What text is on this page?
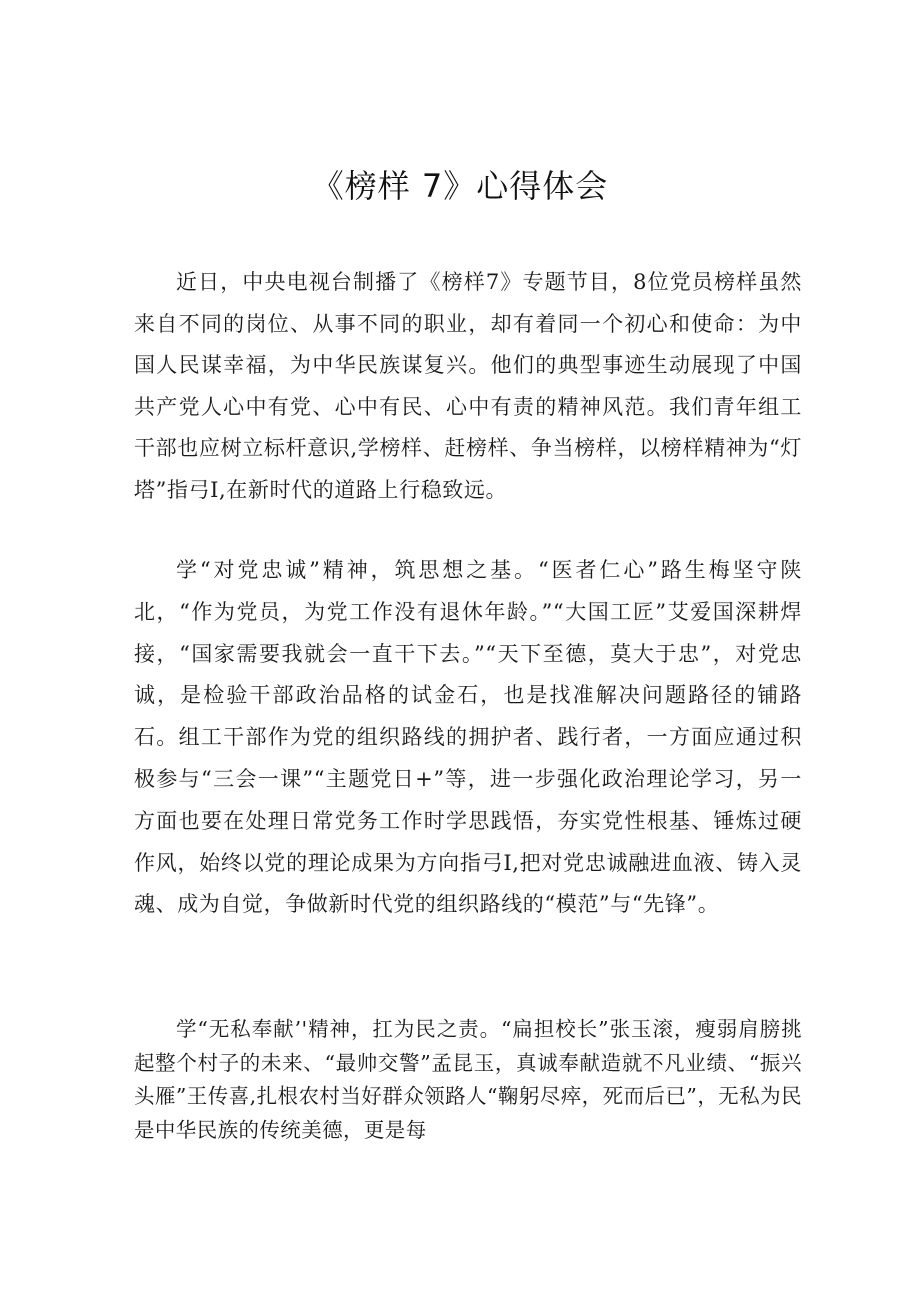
《榜样 7》心得体会

近日，中央电视台制播了《榜样7》专题节目，8位党员榜样虽然来自不同的岗位、从事不同的职业，却有着同一个初心和使命：为中国人民谋幸福，为中华民族谋复兴。他们的典型事迹生动展现了中国共产党人心中有党、心中有民、心中有责的精神风范。我们青年组工干部也应树立标杆意识,学榜样、赶榜样、争当榜样，以榜样精神为“灯塔”指弓I,在新时代的道路上行稳致远。

学“对党忠诚”精神，筑思想之基。“医者仁心”路生梅坚守陕北，“作为党员，为党工作没有退休年龄。”“大国工匠”艾爱国深耕焊接，“国家需要我就会一直干下去。”“天下至德，莫大于忠”，对党忠诚，是检验干部政治品格的试金石，也是找准解决问题路径的铺路石。组工干部作为党的组织路线的拥护者、践行者，一方面应通过积极参与“三会一课”“主题党日+”等，进一步强化政治理论学习，另一方面也要在处理日常党务工作时学思践悟，夯实党性根基、锤炼过硬作风，始终以党的理论成果为方向指弓I,把对党忠诚融进血液、铸入灵魂、成为自觉，争做新时代党的组织路线的“模范”与“先锋”。

学“无私奉献’'精神，扛为民之责。“扁担校长”张玉滚，瘦弱肩膀挑起整个村子的未来、“最帅交警”孟昆玉，真诚奉献造就不凡业绩、“振兴头雁”王传喜,扎根农村当好群众领路人“鞠躬尽瘁，死而后已”，无私为民是中华民族的传统美德，更是每
